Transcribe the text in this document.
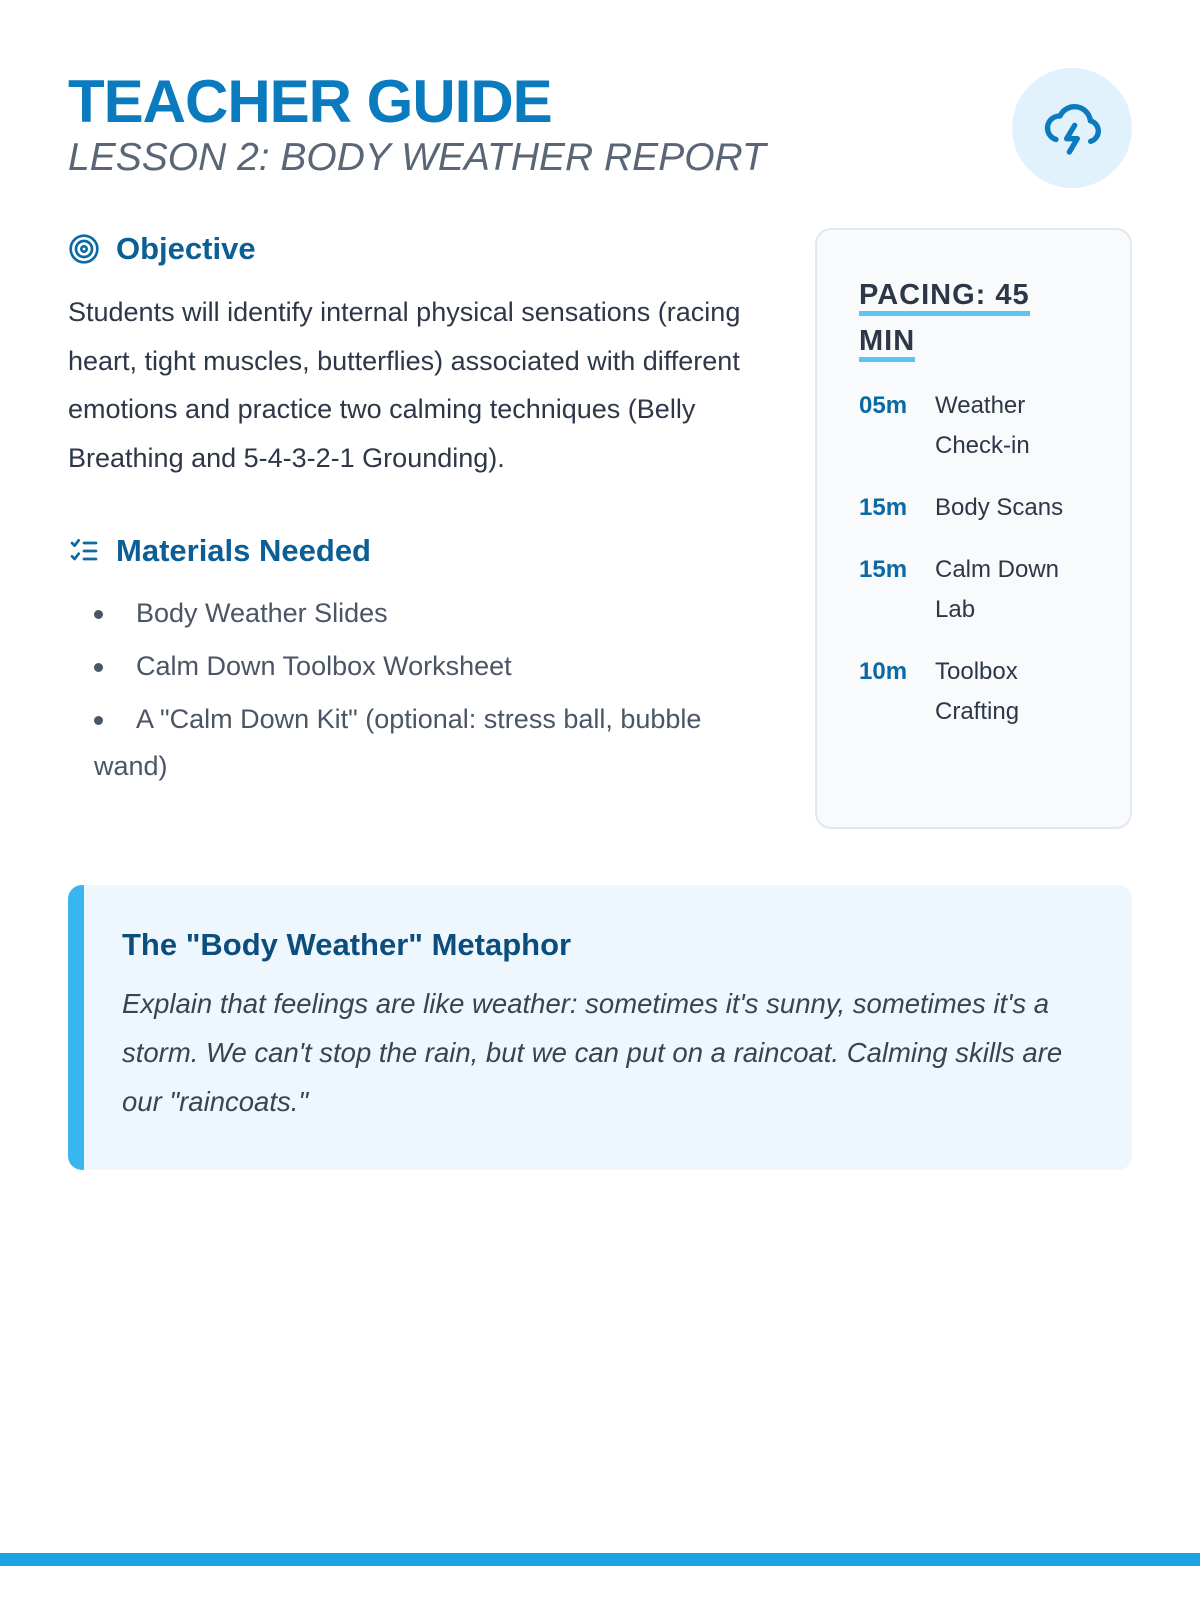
TEACHER GUIDE
LESSON 2: BODY WEATHER REPORT
Objective

Students will identify internal physical sensations (racing heart, tight muscles, butterflies) associated with different emotions and practice two calming techniques (Belly Breathing and 5-4-3-2-1 Grounding).

Materials Needed
Body Weather Slides
Calm Down Toolbox Worksheet
A "Calm Down Kit" (optional: stress ball, bubble wand)
PACING: 45 MIN
05m	Weather Check-in
15m	Body Scans
15m	Calm Down Lab
10m	Toolbox Crafting
The "Body Weather" Metaphor

Explain that feelings are like weather: sometimes it's sunny, sometimes it's a storm. We can't stop the rain, but we can put on a raincoat. Calming skills are our "raincoats."
